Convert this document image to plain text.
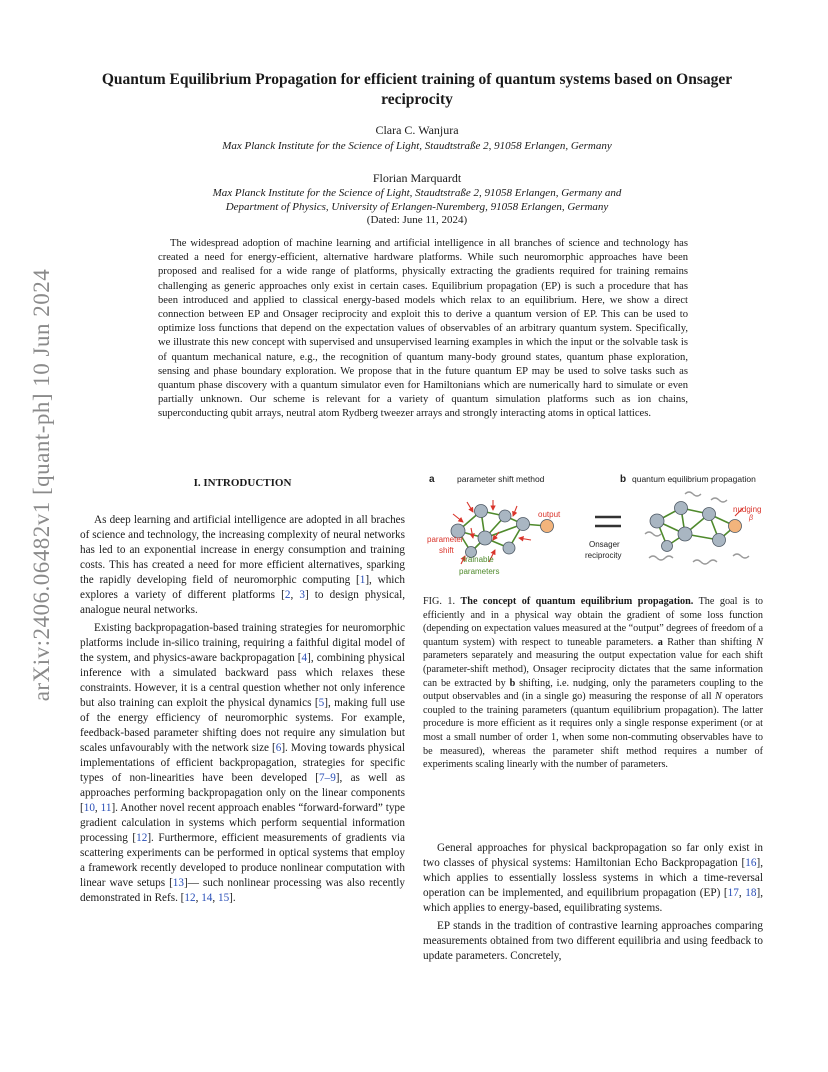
arXiv:2406.06482v1 [quant-ph] 10 Jun 2024
Quantum Equilibrium Propagation for efficient training of quantum systems based on Onsager reciprocity
Clara C. Wanjura
Max Planck Institute for the Science of Light, Staudtstraße 2, 91058 Erlangen, Germany
Florian Marquardt
Max Planck Institute for the Science of Light, Staudtstraße 2, 91058 Erlangen, Germany and
Department of Physics, University of Erlangen-Nuremberg, 91058 Erlangen, Germany
(Dated: June 11, 2024)
The widespread adoption of machine learning and artificial intelligence in all branches of science and technology has created a need for energy-efficient, alternative hardware platforms. While such neuromorphic approaches have been proposed and realised for a wide range of platforms, physically extracting the gradients required for training remains challenging as generic approaches only exist in certain cases. Equilibrium propagation (EP) is such a procedure that has been introduced and applied to classical energy-based models which relax to an equilibrium. Here, we show a direct connection between EP and Onsager reciprocity and exploit this to derive a quantum version of EP. This can be used to optimize loss functions that depend on the expectation values of observables of an arbitrary quantum system. Specifically, we illustrate this new concept with supervised and unsupervised learning examples in which the input or the solvable task is of quantum mechanical nature, e.g., the recognition of quantum many-body ground states, quantum phase exploration, sensing and phase boundary exploration. We propose that in the future quantum EP may be used to solve tasks such as quantum phase discovery with a quantum simulator even for Hamiltonians which are numerically hard to simulate or even partially unknown. Our scheme is relevant for a variety of quantum simulation platforms such as ion chains, superconducting qubit arrays, neutral atom Rydberg tweezer arrays and strongly interacting atoms in optical lattices.
I. INTRODUCTION

As deep learning and artificial intelligence are adopted in all braches of science and technology, the increasing complexity of neural networks has led to an exponential increase in energy consumption and training costs. This has created a need for more efficient alternatives, sparking the rapidly developing field of neuromorphic computing [1], which explores a variety of different platforms [2, 3] to design physical, analogue neural networks.

Existing backpropagation-based training strategies for neuromorphic platforms include in-silico training, requiring a faithful digital model of the system, and physics-aware backpropagation [4], combining physical inference with a simulated backward pass which relaxes these constraints. However, it is a central question whether not only inference but also training can exploit the physical dynamics [5], making full use of the energy efficiency of neuromorphic systems. For example, feedback-based parameter shifting does not require any simulation but scales unfavourably with the network size [6]. Moving towards physical implementations of efficient backpropagation, strategies for specific types of non-linearities have been developed [7–9], as well as approaches performing backpropagation only on the linear components [10, 11]. Another novel recent approach enables “forward-forward” type gradient calculation in systems which perform sequential information processing [12]. Furthermore, efficient measurements of gradients via scattering experiments can be performed in optical systems that employ a framework recently developed to produce nonlinear computation with linear wave setups [13]— such nonlinear processing was also recently demonstrated in Refs. [12, 14, 15].

a	parameter shift method	b quantum equilibrium propagation
output
parameter
shift
trainable
parameters
Onsager
reciprocity
nudging
β
FIG. 1. The concept of quantum equilibrium propagation. The goal is to efficiently and in a physical way obtain the gradient of some loss function (depending on expectation values measured at the “output” degrees of freedom of a quantum system) with respect to tuneable parameters. a Rather than shifting N parameters separately and measuring the output expectation value for each shift (parameter-shift method), Onsager reciprocity dictates that the same information can be extracted by b shifting, i.e. nudging, only the parameters coupling to the output observables and (in a single go) measuring the response of all N operators coupled to the training parameters (quantum equilibrium propagation). The latter procedure is more efficient as it requires only a single response experiment (or at most a small number of order 1, when some non-commuting observables have to be measured), whereas the parameter shift method requires a number of experiments scaling linearly with the number of parameters.

General approaches for physical backpropagation so far only exist in two classes of physical systems: Hamiltonian Echo Backpropagation [16], which applies to essentially lossless systems in which a time-reversal operation can be implemented, and equilibrium propagation (EP) [17, 18], which applies to energy-based, equilibrating systems.

EP stands in the tradition of contrastive learning approaches comparing measurements obtained from two different equilibria and using feedback to update parameters. Concretely,
